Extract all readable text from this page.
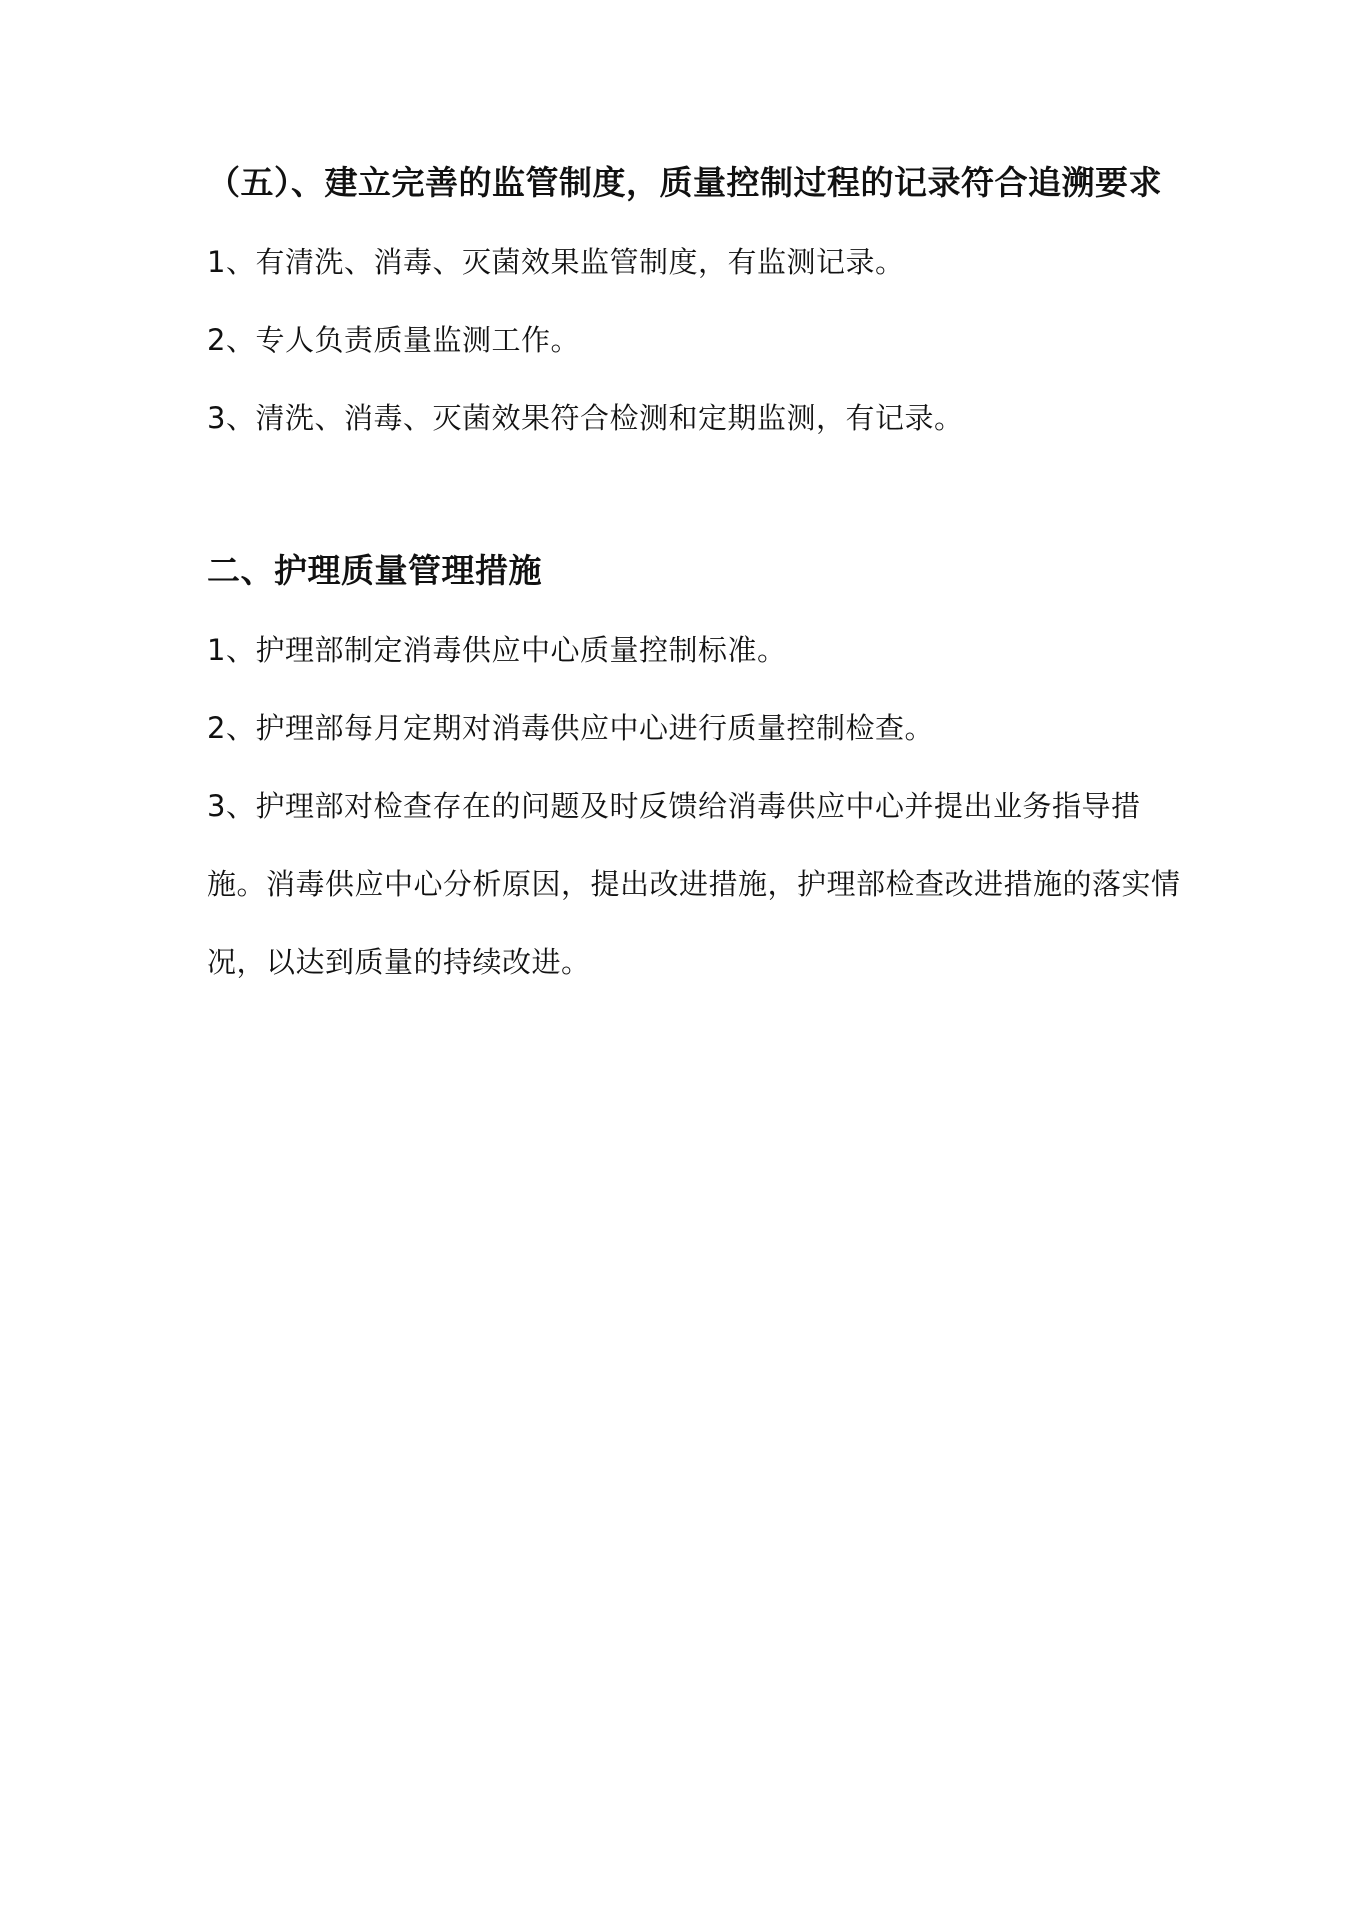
（五）、建立完善的监管制度，质量控制过程的记录符合追溯要求

1、有清洗、消毒、灭菌效果监管制度，有监测记录。

2、专人负责质量监测工作。

3、清洗、消毒、灭菌效果符合检测和定期监测，有记录。

二、护理质量管理措施

1、护理部制定消毒供应中心质量控制标准。

2、护理部每月定期对消毒供应中心进行质量控制检查。

3、护理部对检查存在的问题及时反馈给消毒供应中心并提出业务指导措施。消毒供应中心分析原因，提出改进措施，护理部检查改进措施的落实情况，以达到质量的持续改进。
